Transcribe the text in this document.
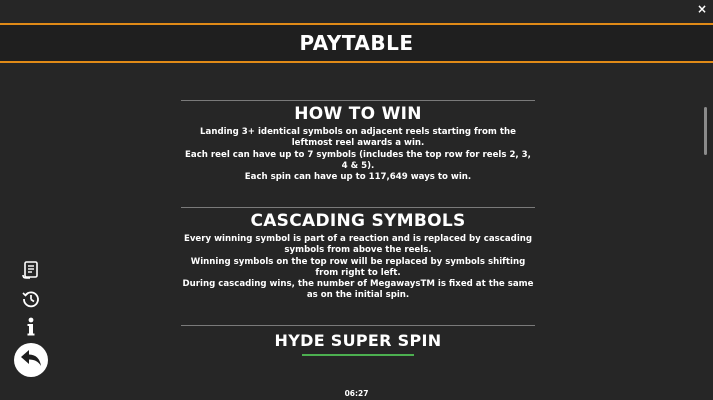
×
PAYTABLE
HOW TO WIN

Landing 3+ identical symbols on adjacent reels starting from the leftmost reel awards a win.

Each reel can have up to 7 symbols (includes the top row for reels 2, 3, 4 & 5).

Each spin can have up to 117,649 ways to win.

CASCADING SYMBOLS

Every winning symbol is part of a reaction and is replaced by cascading symbols from above the reels.

Winning symbols on the top row will be replaced by symbols shifting from right to left.

During cascading wins, the number of MegawaysTM is fixed at the same as on the initial spin.

HYDE SUPER SPIN
06:27
